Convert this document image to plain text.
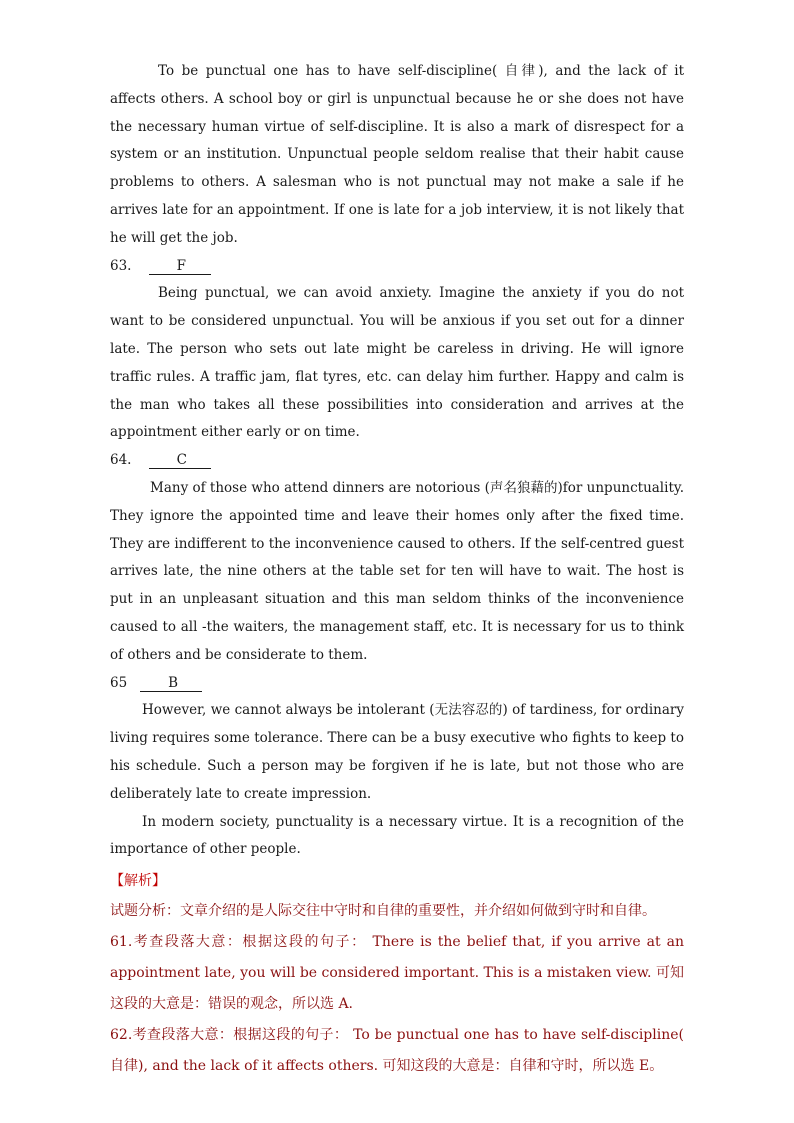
To be punctual one has to have self-discipline( 自律), and the lack of it affects others. A school boy or girl is unpunctual because he or she does not have the necessary human virtue of self-discipline. It is also a mark of disrespect for a system or an institution. Unpunctual people seldom realise that their habit cause problems to others. A salesman who is not punctual may not make a sale if he arrives late for an appointment. If one is late for a job interview, it is not likely that he will get the job.

63.	F

Being punctual, we can avoid anxiety. Imagine the anxiety if you do not want to be considered unpunctual. You will be anxious if you set out for a dinner late. The person who sets out late might be careless in driving. He will ignore traffic rules. A traffic jam, flat tyres, etc. can delay him further. Happy and calm is the man who takes all these possibilities into consideration and arrives at the appointment either early or on time.

64.	C

Many of those who attend dinners are notorious (声名狼藉的)for unpunctuality. They ignore the appointed time and leave their homes only after the fixed time. They are indifferent to the inconvenience caused to others. If the self-centred guest arrives late, the nine others at the table set for ten will have to wait. The host is put in an unpleasant situation and this man seldom thinks of the inconvenience caused to all -the waiters, the management staff, etc. It is necessary for us to think of others and be considerate to them.

65	B

However, we cannot always be intolerant (无法容忍的) of tardiness, for ordinary living requires some tolerance. There can be a busy executive who fights to keep to his schedule. Such a person may be forgiven if he is late, but not those who are deliberately late to create impression.

In modern society, punctuality is a necessary virtue. It is a recognition of the importance of other people.

【解析】

试题分析：文章介绍的是人际交往中守时和自律的重要性，并介绍如何做到守时和自律。

61.考查段落大意：根据这段的句子： There is the belief that, if you arrive at an appointment late, you will be considered important. This is a mistaken view. 可知这段的大意是：错误的观念，所以选 A.

62.考查段落大意：根据这段的句子： To be punctual one has to have self-discipline( 自律), and the lack of it affects others. 可知这段的大意是：自律和守时，所以选 E。
